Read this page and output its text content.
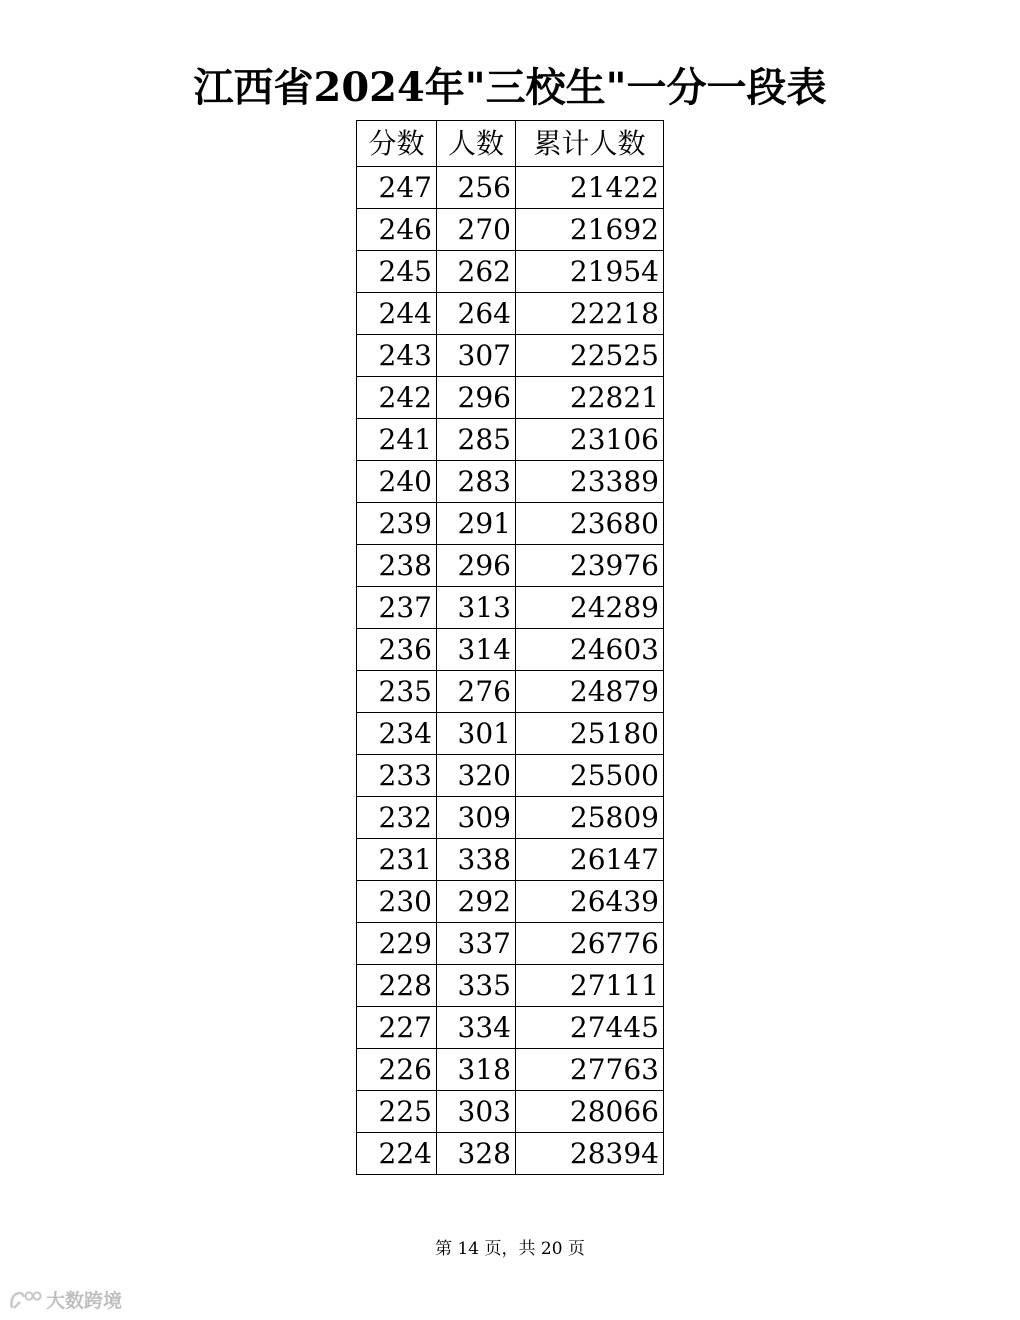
江西省2024年"三校生"一分一段表
分数	人数	累计人数
247	256	21422
246	270	21692
245	262	21954
244	264	22218
243	307	22525
242	296	22821
241	285	23106
240	283	23389
239	291	23680
238	296	23976
237	313	24289
236	314	24603
235	276	24879
234	301	25180
233	320	25500
232	309	25809
231	338	26147
230	292	26439
229	337	26776
228	335	27111
227	334	27445
226	318	27763
225	303	28066
224	328	28394
第 14 页，共 20 页
大数跨境
